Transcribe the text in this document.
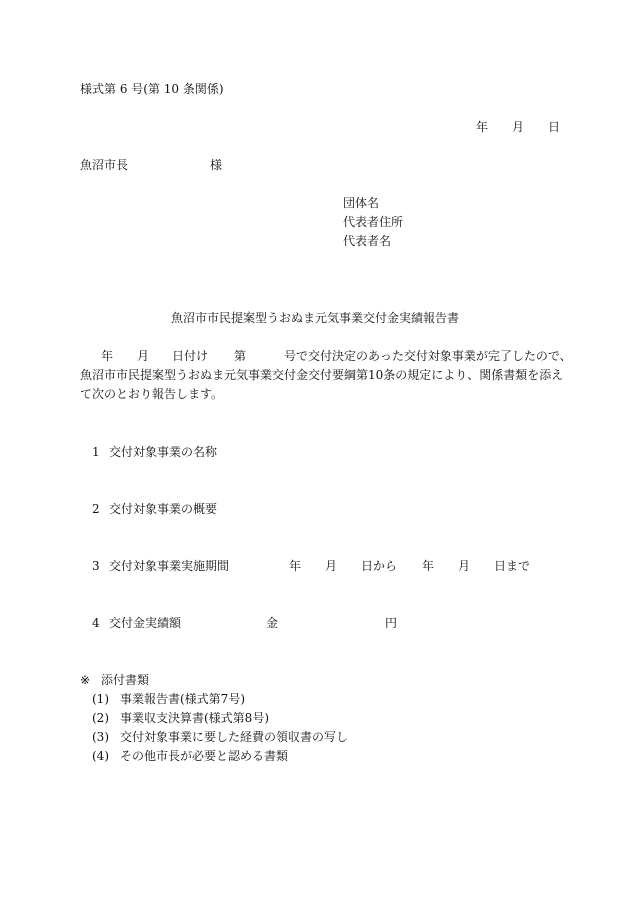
様式第 6 号(第 10 条関係)
年 月 日
魚沼市長	様
団体名
代表者住所
代表者名
魚沼市市民提案型うおぬま元気事業交付金実績報告書
年 月 日付け 第	号で交付決定のあった交付対象事業が完了したので、
魚沼市市民提案型うおぬま元気事業交付金交付要綱第10条の規定により、関係書類を添え
て次のとおり報告します。
1 交付対象事業の名称
2 交付対象事業の概要
3 交付対象事業実施期間	年 月 日から 年 月 日まで
4 交付金実績額	金	円
※ 添付書類
(1) 事業報告書(様式第7号)
(2) 事業収支決算書(様式第8号)
(3) 交付対象事業に要した経費の領収書の写し
(4) その他市長が必要と認める書類
